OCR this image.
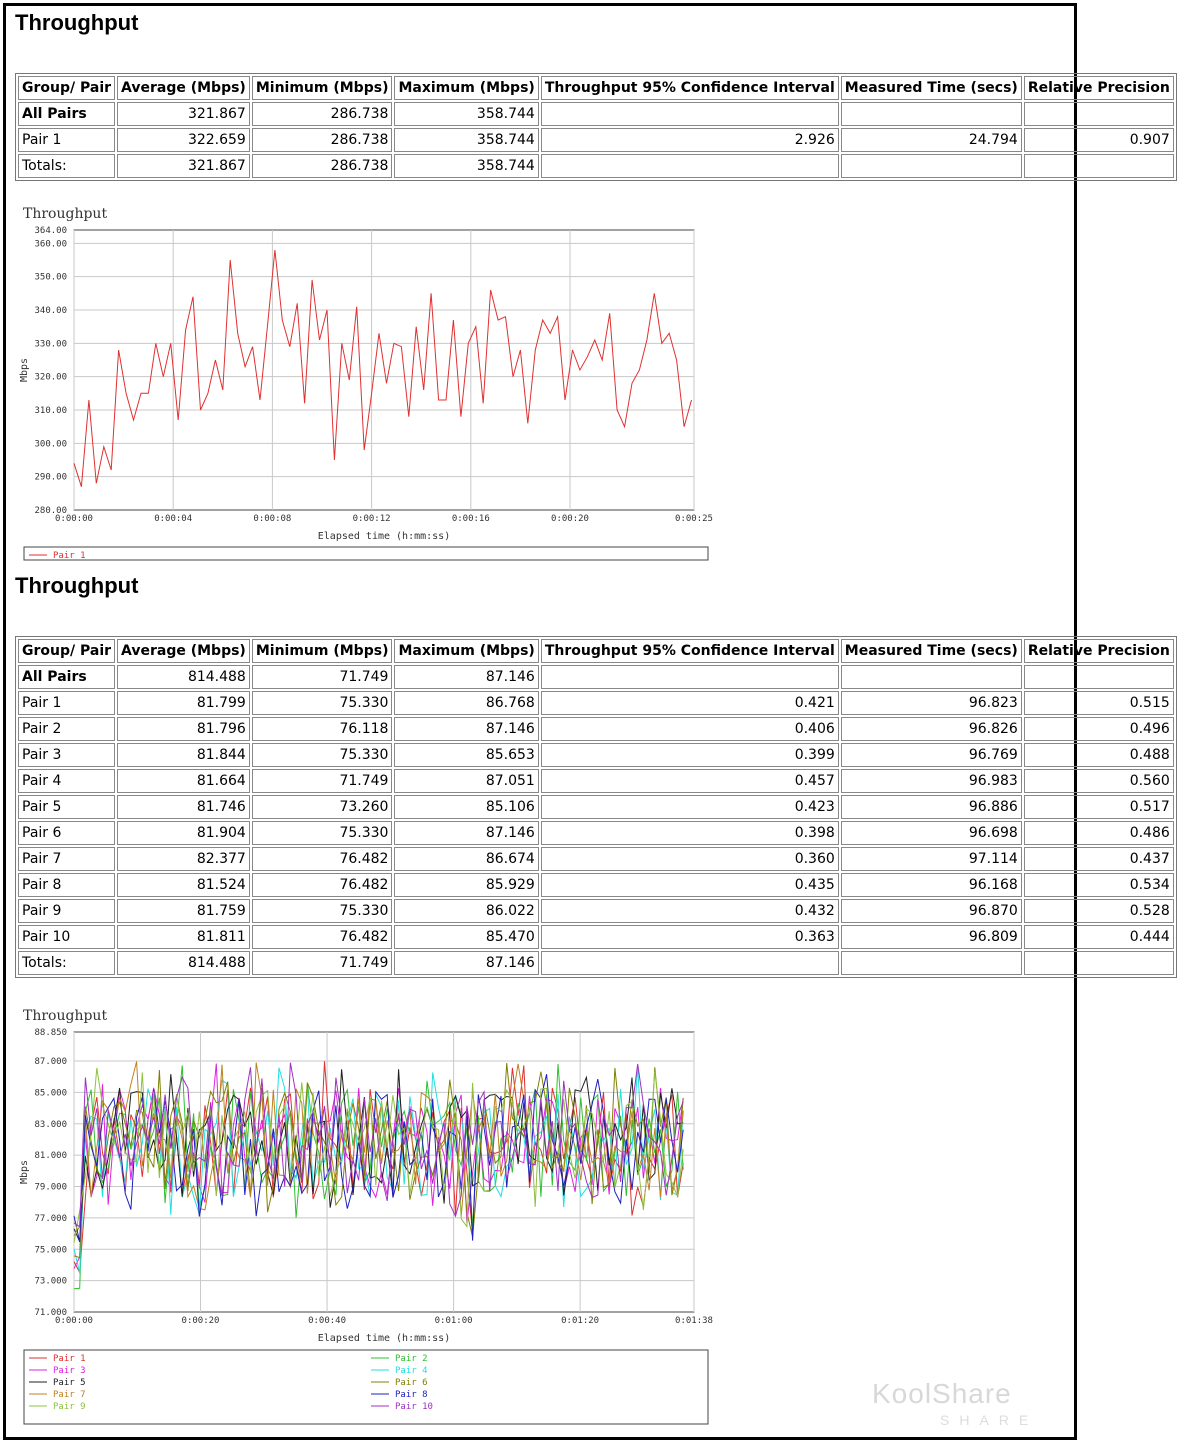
Throughput
Group/ Pair	Average (Mbps)	Minimum (Mbps)	Maximum (Mbps)	Throughput 95% Confidence Interval	Measured Time (secs)	Relative Precision
All Pairs	321.867	286.738	358.744			
Pair 1	322.659	286.738	358.744	2.926	24.794	0.907
Totals:	321.867	286.738	358.744			
Throughput
0:00:00	0:00:04	0:00:08	0:00:12	0:00:16	0:00:20	0:00:25
280.00
290.00
300.00
310.00
320.00
330.00
340.00
350.00
360.00
364.00
Elapsed time (h:mm:ss)
Mbps
Pair 1
Throughput
Group/ Pair	Average (Mbps)	Minimum (Mbps)	Maximum (Mbps)	Throughput 95% Confidence Interval	Measured Time (secs)	Relative Precision
All Pairs	814.488	71.749	87.146			
Pair 1	81.799	75.330	86.768	0.421	96.823	0.515
Pair 2	81.796	76.118	87.146	0.406	96.826	0.496
Pair 3	81.844	75.330	85.653	0.399	96.769	0.488
Pair 4	81.664	71.749	87.051	0.457	96.983	0.560
Pair 5	81.746	73.260	85.106	0.423	96.886	0.517
Pair 6	81.904	75.330	87.146	0.398	96.698	0.486
Pair 7	82.377	76.482	86.674	0.360	97.114	0.437
Pair 8	81.524	76.482	85.929	0.435	96.168	0.534
Pair 9	81.759	75.330	86.022	0.432	96.870	0.528
Pair 10	81.811	76.482	85.470	0.363	96.809	0.444
Totals:	814.488	71.749	87.146			
Throughput
0:00:00	0:00:20	0:00:40	0:01:00	0:01:20	0:01:38
71.000
73.000
75.000
77.000
79.000
81.000
83.000
85.000
87.000
88.850
Elapsed time (h:mm:ss)
Mbps
Pair 1	Pair 2
Pair 3	Pair 4
Pair 5	Pair 6
Pair 7	Pair 8
Pair 9	Pair 10	KoolShare
SHARE
